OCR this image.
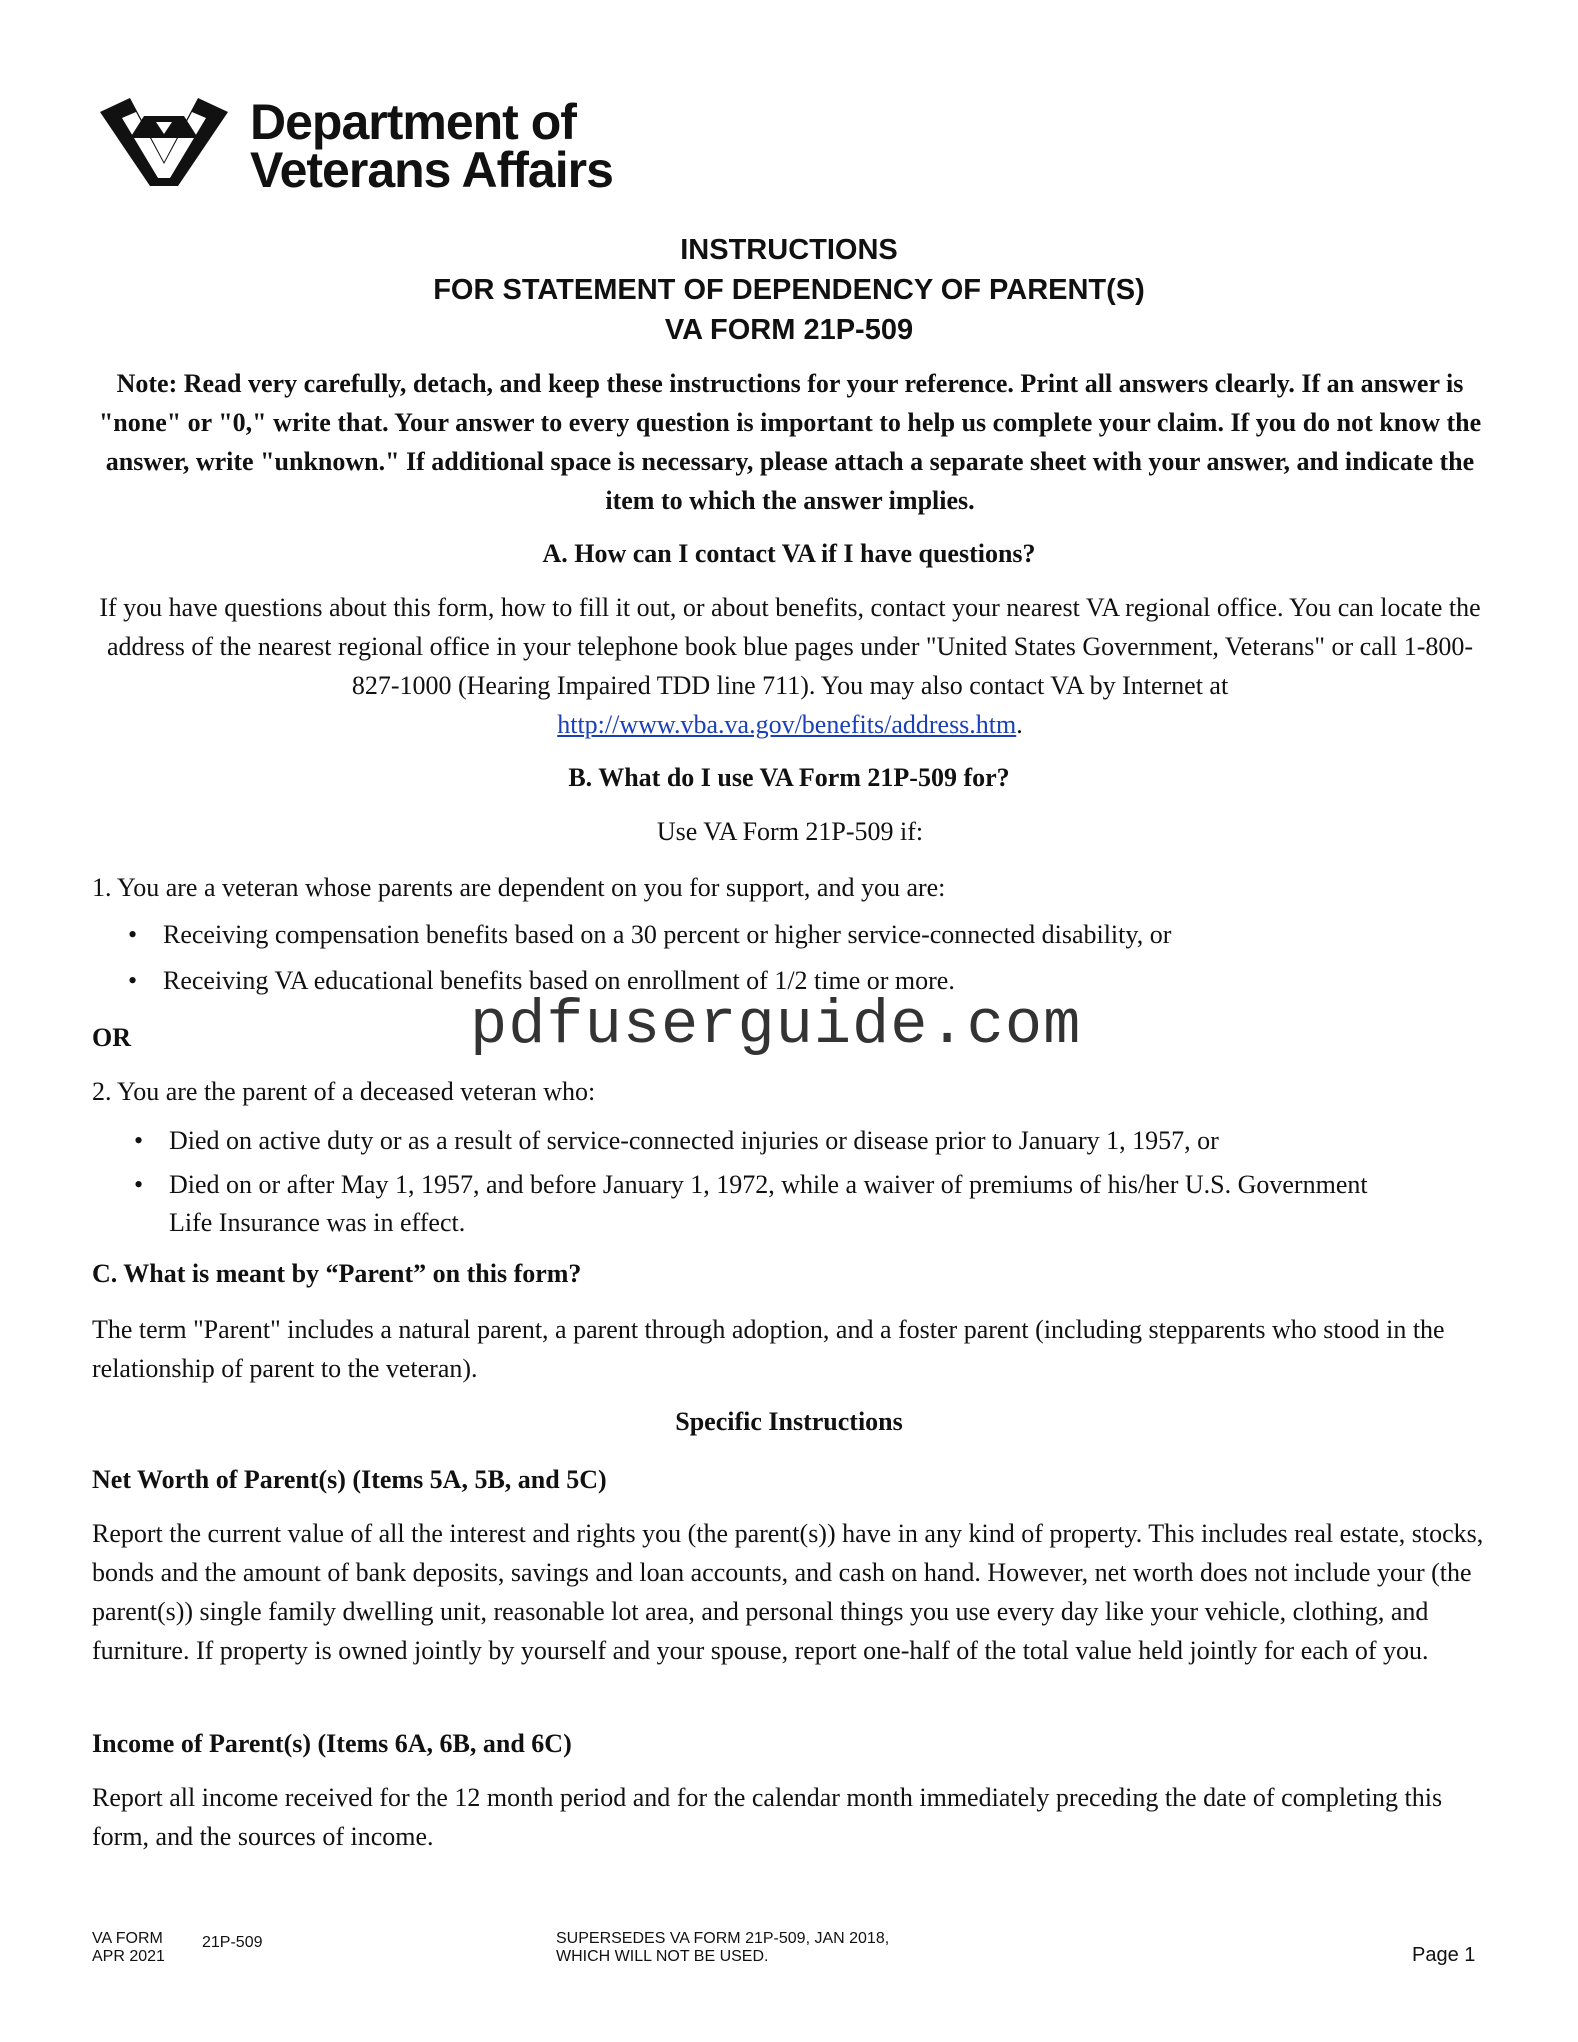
Department of
Veterans Affairs
INSTRUCTIONS
FOR STATEMENT OF DEPENDENCY OF PARENT(S)
VA FORM 21P-509
Note: Read very carefully, detach, and keep these instructions for your reference. Print all answers clearly. If an answer is "none" or "0," write that. Your answer to every question is important to help us complete your claim. If you do not know the answer, write "unknown." If additional space is necessary, please attach a separate sheet with your answer, and indicate the item to which the answer implies.
A. How can I contact VA if I have questions?
If you have questions about this form, how to fill it out, or about benefits, contact your nearest VA regional office. You can locate the address of the nearest regional office in your telephone book blue pages under "United States Government, Veterans" or call 1-800-827-1000 (Hearing Impaired TDD line 711). You may also contact VA by Internet at
http://www.vba.va.gov/benefits/address.htm.
B. What do I use VA Form 21P-509 for?
Use VA Form 21P-509 if:
1. You are a veteran whose parents are dependent on you for support, and you are:
• Receiving compensation benefits based on a 30 percent or higher service-connected disability, or
• Receiving VA educational benefits based on enrollment of 1/2 time or more.
OR
2. You are the parent of a deceased veteran who:
• Died on active duty or as a result of service-connected injuries or disease prior to January 1, 1957, or
• Died on or after May 1, 1957, and before January 1, 1972, while a waiver of premiums of his/her U.S. Government Life Insurance was in effect.
pdfuserguide.com
C. What is meant by “Parent” on this form?
The term "Parent" includes a natural parent, a parent through adoption, and a foster parent (including stepparents who stood in the relationship of parent to the veteran).
Specific Instructions
Net Worth of Parent(s) (Items 5A, 5B, and 5C)
Report the current value of all the interest and rights you (the parent(s)) have in any kind of property. This includes real estate, stocks, bonds and the amount of bank deposits, savings and loan accounts, and cash on hand. However, net worth does not include your (the parent(s)) single family dwelling unit, reasonable lot area, and personal things you use every day like your vehicle, clothing, and furniture. If property is owned jointly by yourself and your spouse, report one-half of the total value held jointly for each of you.
Income of Parent(s) (Items 6A, 6B, and 6C)
Report all income received for the 12 month period and for the calendar month immediately preceding the date of completing this form, and the sources of income.
VA FORM
APR 2021
21P-509	SUPERSEDES VA FORM 21P-509, JAN 2018,
WHICH WILL NOT BE USED.	Page 1
